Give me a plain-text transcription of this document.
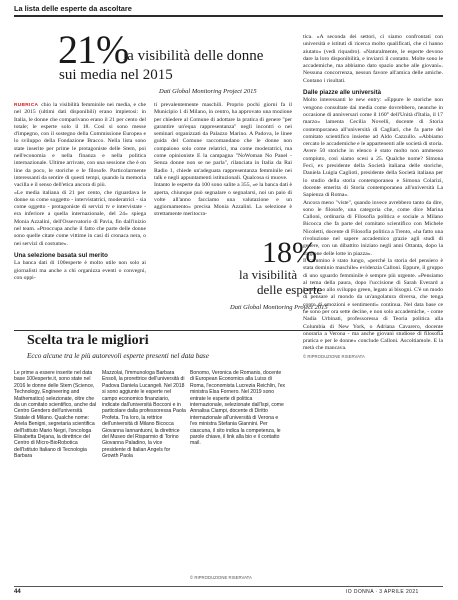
La lista delle esperte da ascoltare
21%
la visibilità delle donne
sui media nel 2015
Dati Global Monitoring Project 2015

RUBRICA chio la visibilità femminile nei media, e che nel 2015 (ultimi dati disponibili) erano impietosi: in Italia, le donne che comparivano erano il 21 per cento del totale; le esperte solo il 18. Così si sono messe d'impegno, con il sostegno della Commissione Europea e lo sviluppo della Fondazione Bracco. Nella lista sono state inserite per prime le protagoniste delle Stem, poi nell'economia e nella finanza e nella politica internazionale. Ultime arrivate, con una sessione che è on line da poco, le storiche e le filosofe. Particolarmente interessanti da sentire di questi tempi, quando la memoria vacilla e il senso dell'etica ancora di più.

«Le media italiana di 21 per cento, che riguardava le donne su come soggetto - intervistatrici, moderatrici - sia come oggetto - protagoniste di servizi tv e intervistate - era inferiore a quella internazionale, del 24» spiega Monia Azzalini, dell'Osservatorio di Pavia, fin dall'inizio nel team. «Ptroccupa anche il fatto che parte delle donne sono quelle citate come vittime in casi di cronaca nera, o nei servizi di costume».

Una selezione basata sul merito

La banca dati di 100esperte è molto utile non solo ai giornalisti ma anche a chi organizza eventi o convegni, con oppi-

ti prevalentemente maschili. Proprio pochi giorni fa il Municipio 1 di Milano, in centro, ha approvato una mozione per chiedere al Comune di adottare la pratica di genere "per garantire un'equa rappresentanza" negli incontri o nei seminari organizzati da Palazzo Marino. A Padova, le linee guida del Comune raccomandano che le donne non compaiono solo come relatrici, ma come moderatrici, ma come opinioniste E la campagna "NoWoman No Panel - Senza donne non se ne parla", rilanciata in Italia da Rai Radio 1, chiede un'adeguata rappresentanza femminile nei talk e negli appuntamenti istituzionali. Qualcosa si muove.

Intanto le esperte da 100 sono salite a 355, «e la banca dati è aperta, chiunque può segnalare o segnalarsi, noi un paio di volte all'anno facciamo una valutazione e un aggiornamento» precisa Monia Azzalini. La selezione è strettamente meritocra-

18%
la visibilità
delle esperte
Dati Global Monitoring Project 2015

tica. «A seconda dei settori, ci siamo confrontati con università e istituti di ricerca molto qualificati, che ci hanno aiutato» (vedi riquadro). «Naturalmente, le esperte devono dare la loro disponibilità, e inviarci il contatto. Molte sono le accademiche, ma abbiamo dato spazio anche alle giovani». Nessuna concorrenza, nessun favore all'amica delle amiche. Contano i risultati.

Dalle piazze alle università

Molto interessanti le new entry: «Eppure le storiche non vengono consultate dai media come dovrebbero, neanche in occasione di anniversari come il 160° dell'Unità d'Italia, il 17 marzo» lamenta Cecilia Novelli, docente di Storia contemporanea all'università di Cagliari, che fa parte del comitato scientifico insieme ad Aldo Cazzullo. «Abbiamo cercato le accademiche e le appartenenti alle società di storia. Avere 50 storiche in elenco è stato molto non ammesso compiuto, così siamo scesi a 25. Qualche nome? Simona Feci, ex presidente della Società italiana delle storiche, Daniela Luigia Caglioti, presidente della Società italiana per lo studio della storia contemporanea e Simona Colarizi, docente emerita di Storia contemporanea all'università La Sapienza di Roma».

Ancora meno "viste", quando invece avrebbero tanto da dire, sono le filosofe, una categoria che, come dice Marina Calloni, ordinaria di Filosofia politica e sociale a Milano Bicocca che fa parte del comitato scientifico con Michele Nicoletti, docente di Filosofia politica a Trento, «ha fatto una rivoluzione nel sapere accademico grazie agli studi di genere, con un dibattito iniziato negli anni Ottanta, dopo la stagione delle lotte in piazza».

Il cammino è stato lungo, «perché la storia del pensiero è stata dominio maschile» evidenzia Calloni. Eppure, il gruppo di uno sguardo femminile è sempre più urgente. «Pensiamo al tema della paura, dopo l'uccisione di Sarah Everard a Londra, o allo sviluppo green, legato ai bisogni. C'è un modo di pensare al mondo da un'angolatura diversa, che tenga conto di emozioni e sentimenti» continua. Nel data base ce ne sono per ora sette decine, e non solo accademiche, - come Nadia Urbinati, professoressa di Teoria politica alla Columbia di New York, o Adriana Cavarero, docente onoraria a Verona - ma anche giovani studiose di filosofia pratica e per le donne» conclude Calloni. Ascoltiamole. E la metà che mancava.

© RIPRODUZIONE RISERVATA

Scelta tra le migliori
Ecco alcune tra le più autorevoli esperte presenti nel data base

Le prime a essere inserite nel data base 100esperte.it, sono state nel 2016 le donne delle Stem (Science, Technology, Engineering and Mathematics) selezionate, oltre che da un comitato scientifico, anche dal Centro Genders dell'università Statale di Milano. Qualche nome: Ariela Benigni, segretaria scientifica dell'Istituto Mario Negri, l'oncologa Elisabetta Dejana, la direttrice del Centro di Micro-BioRobotica dell'Istituto Italiano di Tecnologia Barbara

Mazzolai, l'immunologa Barbara Ensoli, la prorettrice dell'università di Padova Daniela Lucangeli. Nel 2018 si sono aggiunte le esperte nel campo economico finanziario, indicate dall'università Bocconi e in particolare dalla professoressa Paola Profeta. Tra loro, la rettrice dell'università di Milano Bicocca Giovanna Iannantuoni, la direttrice del Museo del Risparmio di Torino Giovanna Paladino, la vice presidente di Italian Angels for Growth Paola

Bonomo, Veronica de Romanis, docente di European Economics alla Luiss di Roma, l'economista Lucrezia Reichlin, l'ex ministra Elsa Fornero. Nel 2019 sono entrate le esperte di politica internazionale, selezionate dall'Ispi, come Annalisa Ciampi, docente di Diritto internazionale all'università di Verona e l'ex ministra Stefania Giannini. Per ciascuna, il sito indica la competenza, le parole chiave, il link alla bio e il contatto mail.

© RIPRODUZIONE RISERVATA
44	IO DONNA · 3 APRILE 2021
